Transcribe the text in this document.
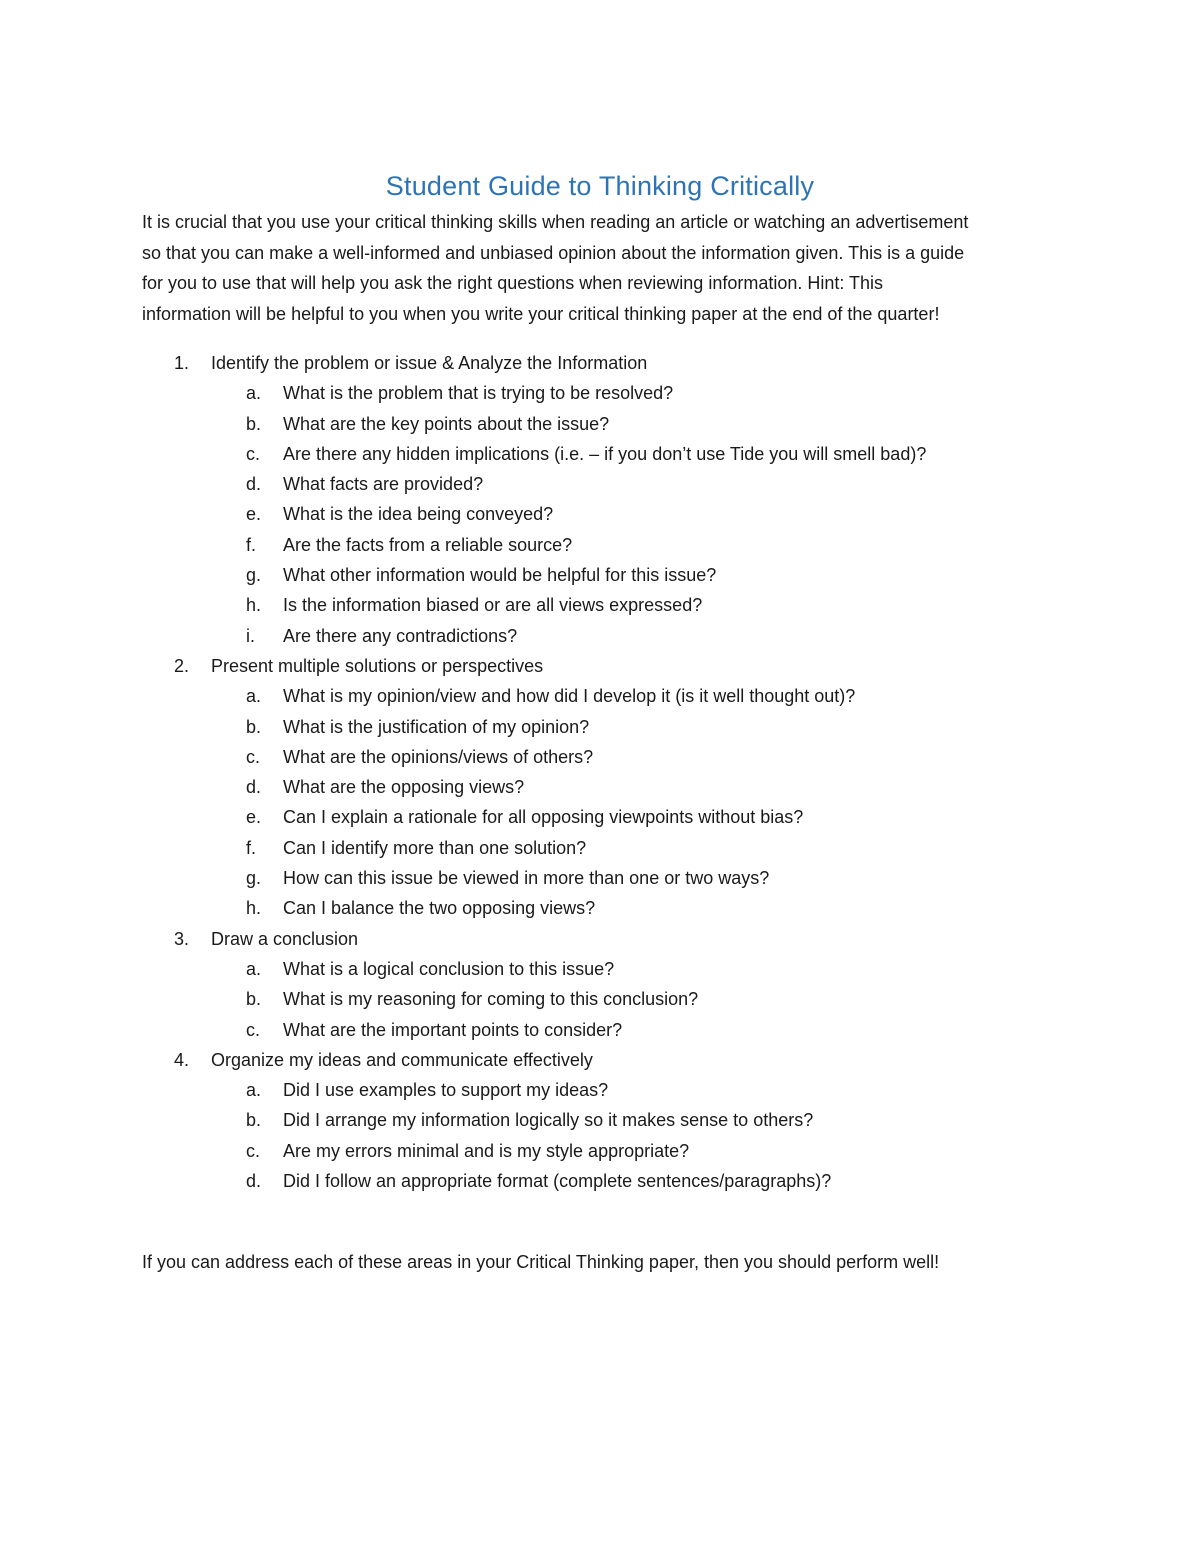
Student Guide to Thinking Critically

It is crucial that you use your critical thinking skills when reading an article or watching an advertisement
so that you can make a well-informed and unbiased opinion about the information given. This is a guide
for you to use that will help you ask the right questions when reviewing information. Hint: This
information will be helpful to you when you write your critical thinking paper at the end of the quarter!

1. Identify the problem or issue & Analyze the Information
a. What is the problem that is trying to be resolved?
b. What are the key points about the issue?
c. Are there any hidden implications (i.e. – if you don’t use Tide you will smell bad)?
d. What facts are provided?
e. What is the idea being conveyed?
f. Are the facts from a reliable source?
g. What other information would be helpful for this issue?
h. Is the information biased or are all views expressed?
i. Are there any contradictions?
2. Present multiple solutions or perspectives
a. What is my opinion/view and how did I develop it (is it well thought out)?
b. What is the justification of my opinion?
c. What are the opinions/views of others?
d. What are the opposing views?
e. Can I explain a rationale for all opposing viewpoints without bias?
f. Can I identify more than one solution?
g. How can this issue be viewed in more than one or two ways?
h. Can I balance the two opposing views?
3. Draw a conclusion
a. What is a logical conclusion to this issue?
b. What is my reasoning for coming to this conclusion?
c. What are the important points to consider?
4. Organize my ideas and communicate effectively
a. Did I use examples to support my ideas?
b. Did I arrange my information logically so it makes sense to others?
c. Are my errors minimal and is my style appropriate?
d. Did I follow an appropriate format (complete sentences/paragraphs)?
If you can address each of these areas in your Critical Thinking paper, then you should perform well!
